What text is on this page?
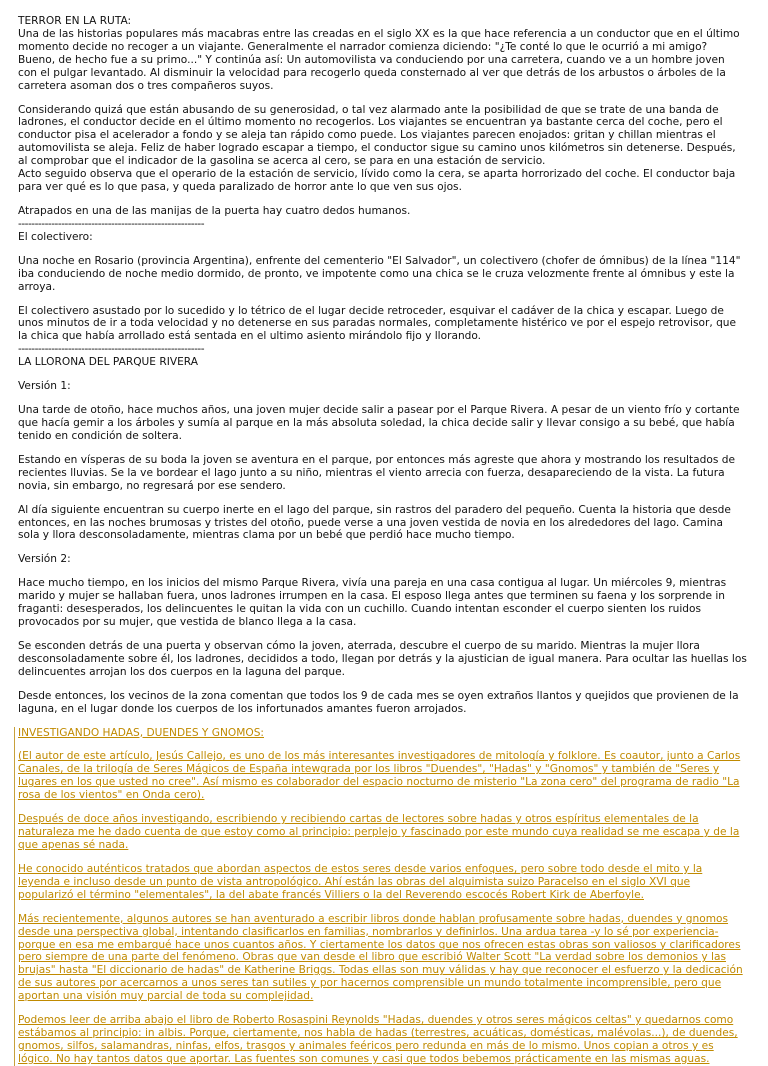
TERROR EN LA RUTA:

Una de las historias populares más macabras entre las creadas en el siglo XX es la que hace referencia a un conductor que en el último momento decide no recoger a un viajante. Generalmente el narrador comienza diciendo: "¿Te conté lo que le ocurrió a mi amigo? Bueno, de hecho fue a su primo..." Y continúa así: Un automovilista va conduciendo por una carretera, cuando ve a un hombre joven con el pulgar levantado. Al disminuir la velocidad para recogerlo queda consternado al ver que detrás de los arbustos o árboles de la carretera asoman dos o tres compañeros suyos.

Considerando quizá que están abusando de su generosidad, o tal vez alarmado ante la posibilidad de que se trate de una banda de ladrones, el conductor decide en el último momento no recogerlos. Los viajantes se encuentran ya bastante cerca del coche, pero el conductor pisa el acelerador a fondo y se aleja tan rápido como puede. Los viajantes parecen enojados: gritan y chillan mientras el automovilista se aleja. Feliz de haber logrado escapar a tiempo, el conductor sigue su camino unos kilómetros sin detenerse. Después, al comprobar que el indicador de la gasolina se acerca al cero, se para en una estación de servicio.

Acto seguido observa que el operario de la estación de servicio, lívido como la cera, se aparta horrorizado del coche. El conductor baja para ver qué es lo que pasa, y queda paralizado de horror ante lo que ven sus ojos.

Atrapados en una de las manijas de la puerta hay cuatro dedos humanos.

--------------------------------------------------------

El colectivero:

Una noche en Rosario (provincia Argentina), enfrente del cementerio "El Salvador", un colectivero (chofer de ómnibus) de la línea "114" iba conduciendo de noche medio dormido, de pronto, ve impotente como una chica se le cruza velozmente frente al ómnibus y este la arroya.

El colectivero asustado por lo sucedido y lo tétrico de el lugar decide retroceder, esquivar el cadáver de la chica y escapar. Luego de unos minutos de ir a toda velocidad y no detenerse en sus paradas normales, completamente histérico ve por el espejo retrovisor, que la chica que había arrollado está sentada en el ultimo asiento mirándolo fijo y llorando.
--------------------------------------------------------

LA LLORONA DEL PARQUE RIVERA

Versión 1:

Una tarde de otoño, hace muchos años, una joven mujer decide salir a pasear por el Parque Rivera. A pesar de un viento frío y cortante que hacía gemir a los árboles y sumía al parque en la más absoluta soledad, la chica decide salir y llevar consigo a su bebé, que había tenido en condición de soltera.

Estando en vísperas de su boda la joven se aventura en el parque, por entonces más agreste que ahora y mostrando los resultados de recientes lluvias. Se la ve bordear el lago junto a su niño, mientras el viento arrecia con fuerza, desapareciendo de la vista. La futura novia, sin embargo, no regresará por ese sendero.

Al día siguiente encuentran su cuerpo inerte en el lago del parque, sin rastros del paradero del pequeño. Cuenta la historia que desde entonces, en las noches brumosas y tristes del otoño, puede verse a una joven vestida de novia en los alrededores del lago. Camina sola y llora desconsoladamente, mientras clama por un bebé que perdió hace mucho tiempo.

Versión 2:

Hace mucho tiempo, en los inicios del mismo Parque Rivera, vivía una pareja en una casa contigua al lugar. Un miércoles 9, mientras marido y mujer se hallaban fuera, unos ladrones irrumpen en la casa. El esposo llega antes que terminen su faena y los sorprende in fraganti: desesperados, los delincuentes le quitan la vida con un cuchillo. Cuando intentan esconder el cuerpo sienten los ruidos provocados por su mujer, que vestida de blanco llega a la casa.

Se esconden detrás de una puerta y observan cómo la joven, aterrada, descubre el cuerpo de su marido. Mientras la mujer llora desconsoladamente sobre él, los ladrones, decididos a todo, llegan por detrás y la ajustician de igual manera. Para ocultar las huellas los delincuentes arrojan los dos cuerpos en la laguna del parque.

Desde entonces, los vecinos de la zona comentan que todos los 9 de cada mes se oyen extraños llantos y quejidos que provienen de la laguna, en el lugar donde los cuerpos de los infortunados amantes fueron arrojados.

INVESTIGANDO HADAS, DUENDES Y GNOMOS:

(El autor de este artículo, Jesús Callejo, es uno de los más interesantes investigadores de mitología y folklore. Es coautor, junto a Carlos Canales, de la trilogía de Seres Mágicos de España intewgrada por los libros "Duendes", "Hadas" y "Gnomos" y también de "Seres y lugares en los que usted no cree". Así mismo es colaborador del espacio nocturno de misterio "La zona cero" del programa de radio "La rosa de los vientos" en Onda cero).

Después de doce años investigando, escribiendo y recibiendo cartas de lectores sobre hadas y otros espíritus elementales de la naturaleza me he dado cuenta de que estoy como al principio: perplejo y fascinado por este mundo cuya realidad se me escapa y de la que apenas sé nada.

He conocido auténticos tratados que abordan aspectos de estos seres desde varios enfoques, pero sobre todo desde el mito y la leyenda e incluso desde un punto de vista antropológico. Ahí están las obras del alquimista suizo Paracelso en el siglo XVI que popularizó el término "elementales", la del abate francés Villiers o la del Reverendo escocés Robert Kirk de Aberfoyle.

Más recientemente, algunos autores se han aventurado a escribir libros donde hablan profusamente sobre hadas, duendes y gnomos desde una perspectiva global, intentando clasificarlos en familias, nombrarlos y definirlos. Una ardua tarea -y lo sé por experiencia- porque en esa me embarqué hace unos cuantos años. Y ciertamente los datos que nos ofrecen estas obras son valiosos y clarificadores pero siempre de una parte del fenómeno. Obras que van desde el libro que escribió Walter Scott "La verdad sobre los demonios y las brujas" hasta "El diccionario de hadas" de Katherine Briggs. Todas ellas son muy válidas y hay que reconocer el esfuerzo y la dedicación de sus autores por acercarnos a unos seres tan sutiles y por hacernos comprensible un mundo totalmente incomprensible, pero que aportan una visión muy parcial de toda su complejidad.

Podemos leer de arriba abajo el libro de Roberto Rosaspini Reynolds "Hadas, duendes y otros seres mágicos celtas" y quedarnos como estábamos al principio: in albis. Porque, ciertamente, nos habla de hadas (terrestres, acuáticas, domésticas, malévolas...), de duendes, gnomos, silfos, salamandras, ninfas, elfos, trasgos y animales feéricos pero redunda en más de lo mismo. Unos copian a otros y es lógico. No hay tantos datos que aportar. Las fuentes son comunes y casi que todos bebemos prácticamente en las mismas aguas.
